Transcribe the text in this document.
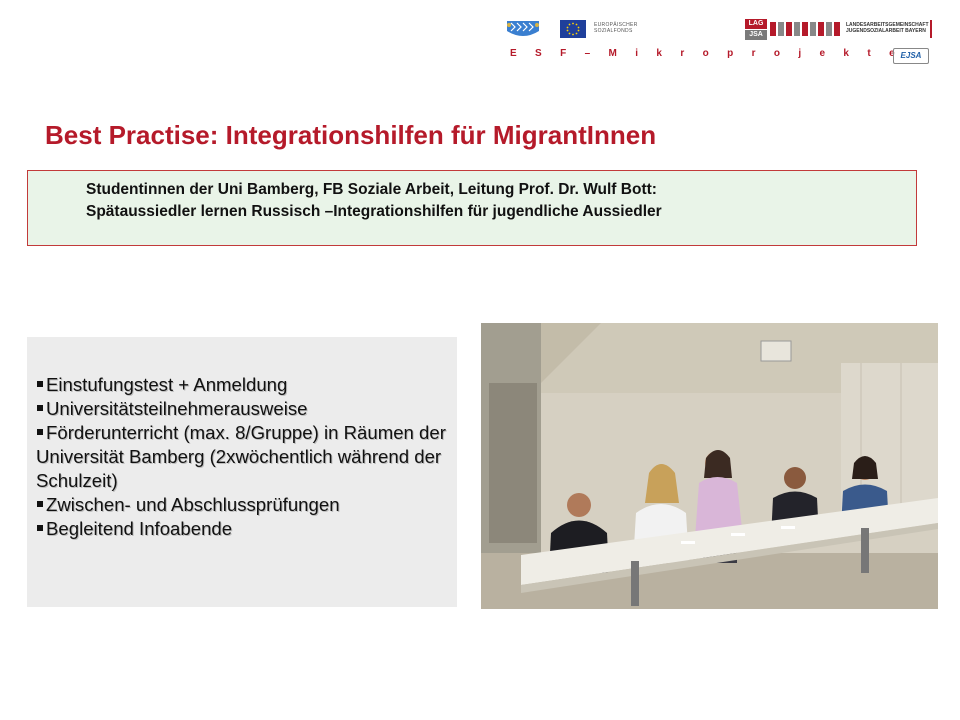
EUROPÄISCHER
SOZIALFONDS
LAG
JSA
LANDESARBEITSGEMEINSCHAFT
JUGENDSOZIALARBEIT BAYERN
E S F – M i k r o p r o j e k t e
EJSA
Best Practise: Integrationshilfen für MigrantInnen
Studentinnen der Uni Bamberg, FB Soziale Arbeit, Leitung Prof. Dr. Wulf Bott:
Spätaussiedler lernen Russisch –Integrationshilfen für jugendliche Aussiedler
Einstufungstest + Anmeldung
Universitätsteilnehmerausweise
Förderunterricht (max. 8/Gruppe) in Räumen der Universität Bamberg (2xwöchentlich während der Schulzeit)
Zwischen- und Abschlussprüfungen
Begleitend Infoabende
